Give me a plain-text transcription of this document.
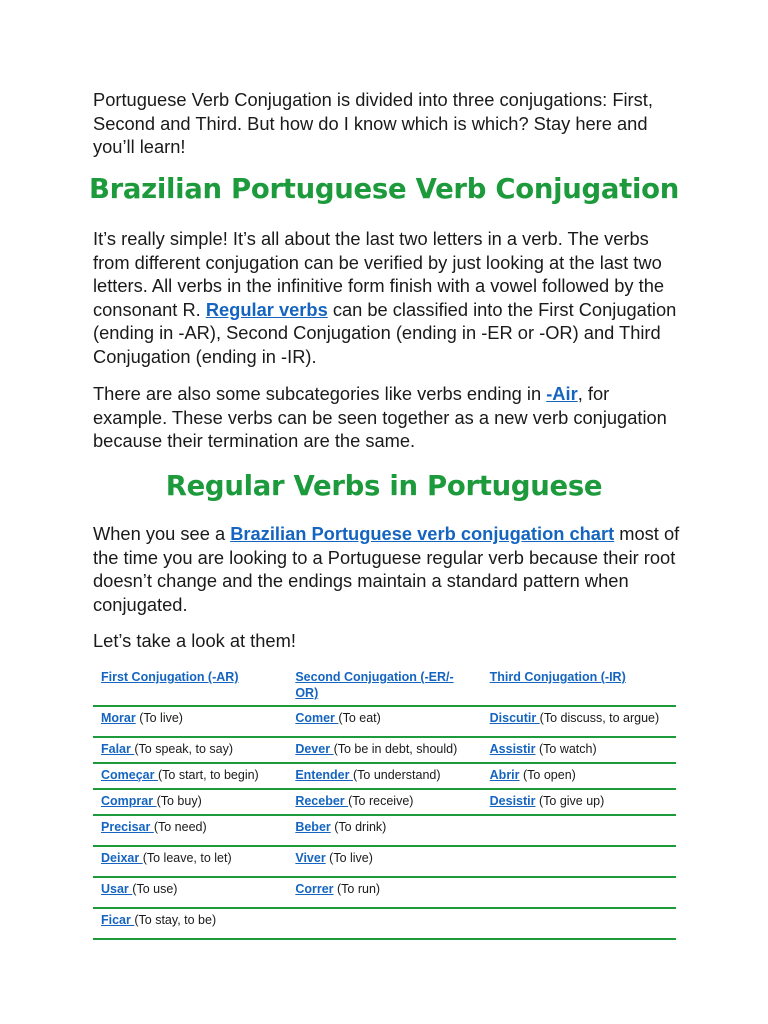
Portuguese Verb Conjugation is divided into three conjugations: First, Second and Third. But how do I know which is which? Stay here and you’ll learn!

Brazilian Portuguese Verb Conjugation

It’s really simple! It’s all about the last two letters in a verb. The verbs from different conjugation can be verified by just looking at the last two letters. All verbs in the infinitive form finish with a vowel followed by the consonant R. Regular verbs can be classified into the First Conjugation (ending in -AR), Second Conjugation (ending in -ER or -OR) and Third Conjugation (ending in -IR).

There are also some subcategories like verbs ending in -Air, for example. These verbs can be seen together as a new verb conjugation because their termination are the same.

Regular Verbs in Portuguese

When you see a Brazilian Portuguese verb conjugation chart most of the time you are looking to a Portuguese regular verb because their root doesn’t change and the endings maintain a standard pattern when conjugated.

Let’s take a look at them!

First Conjugation (-AR)	Second Conjugation (-ER/-OR)	Third Conjugation (-IR)
Morar (To live)	Comer (To eat)	Discutir (To discuss, to argue)
Falar (To speak, to say)	Dever (To be in debt, should)	Assistir (To watch)
Começar (To start, to begin)	Entender (To understand)	Abrir (To open)
Comprar (To buy)	Receber (To receive)	Desistir (To give up)
Precisar (To need)	Beber (To drink)	
Deixar (To leave, to let)	Viver (To live)	
Usar (To use)	Correr (To run)	
Ficar (To stay, to be)		
